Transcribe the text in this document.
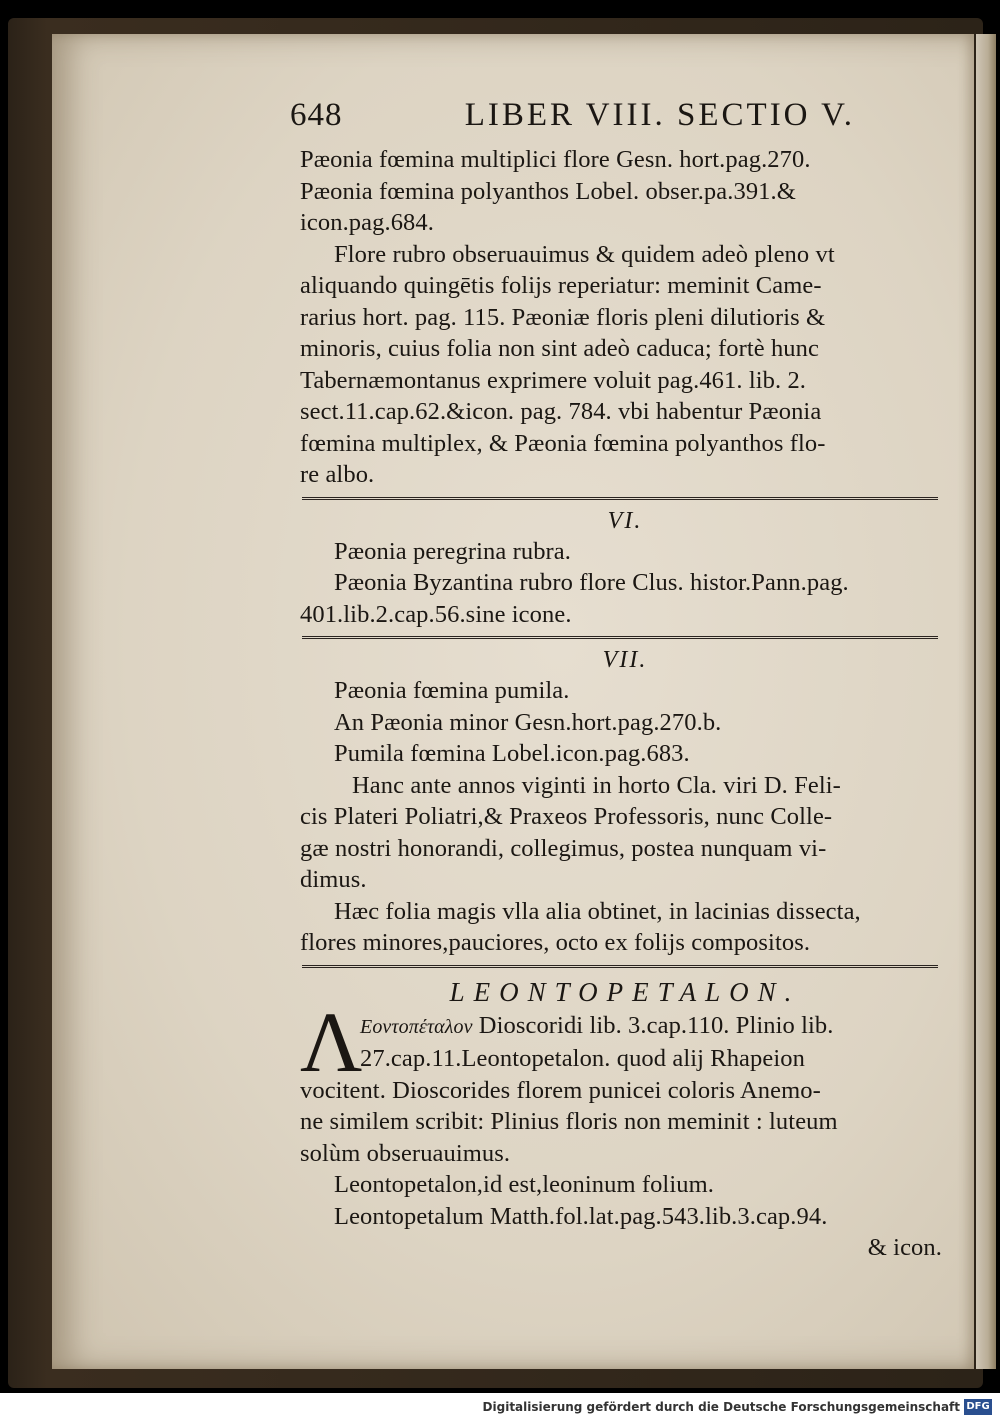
648	LIBER VIII. SECTIO V.
Pæonia fœmina multiplici flore Gesn. hort.pag.270.
Pæonia fœmina polyanthos Lobel. obser.pa.391.&
icon.pag.684.
Flore rubro obseruauimus & quidem adeò pleno vt
aliquando quingētis folijs reperiatur: meminit Came-
rarius hort. pag. 115. Pæoniæ floris pleni dilutioris &
minoris, cuius folia non sint adeò caduca; fortè hunc
Tabernæmontanus exprimere voluit pag.461. lib. 2.
sect.11.cap.62.&icon. pag. 784. vbi habentur Pæonia
fœmina multiplex, & Pæonia fœmina polyanthos flo-
re albo.
VI.
Pæonia peregrina rubra.
Pæonia Byzantina rubro flore Clus. histor.Pann.pag.
401.lib.2.cap.56.sine icone.
VII.
Pæonia fœmina pumila.
An Pæonia minor Gesn.hort.pag.270.b.
Pumila fœmina Lobel.icon.pag.683.
Hanc ante annos viginti in horto Cla. viri D. Feli-
cis Plateri Poliatri,& Praxeos Professoris, nunc Colle-
gæ nostri honorandi, collegimus, postea nunquam vi-
dimus.
Hæc folia magis vlla alia obtinet, in lacinias dissecta,
flores minores,pauciores, octo ex folijs compositos.
LEONTOPETALON.
Λ
Εοντοπέταλον Dioscoridi lib. 3.cap.110. Plinio lib.
27.cap.11.Leontopetalon. quod alij Rhapeion
vocitent. Dioscorides florem punicei coloris Anemo-
ne similem scribit: Plinius floris non meminit : luteum
solùm obseruauimus.
Leontopetalon,id est,leoninum folium.
Leontopetalum Matth.fol.lat.pag.543.lib.3.cap.94.
& icon.
Digitalisierung gefördert durch die Deutsche Forschungsgemeinschaft DFG
